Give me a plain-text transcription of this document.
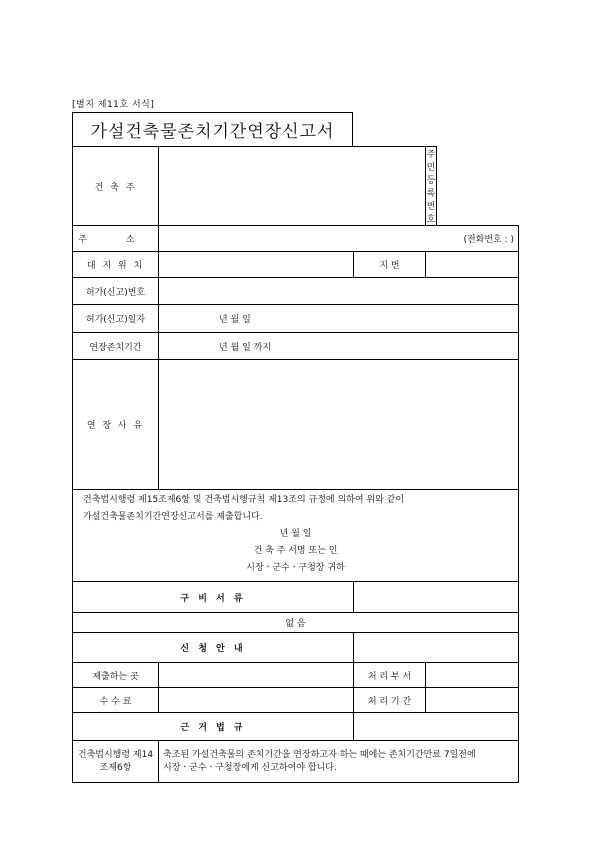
[별지 제11호 서식]
가설건축물존치기간연장신고서
건 축 주			주민등록번호
주 소	(전화번호 : )		
대 지 위 치		지 번	
허가(신고)번호			
허가(신고)일자	년 월 일		
연장존치기간	년 월 일 까지		
연 장 사 유			

건축법시행령 제15조제6항 및 건축법시행규칙 제13조의 규정에 의하여 위와 같이
가설건축물존치기간연장신고서를 제출합니다.
년 월 일
건 축 주 서명 또는 인
시장ㆍ군수ㆍ구청장 귀하			

구 비 서 류			
없 음			
신 청 안 내			
제출하는 곳		처 리 부 서	
수 수 료		처 리 기 간	
근 거 법 규			
건축법시행령 제14조제6항	축조된 가설건축물의 존치기간을 연장하고자 하는 때에는 존치기간만료 7일전에
시장ㆍ군수ㆍ구청장에게 신고하여야 합니다.		
